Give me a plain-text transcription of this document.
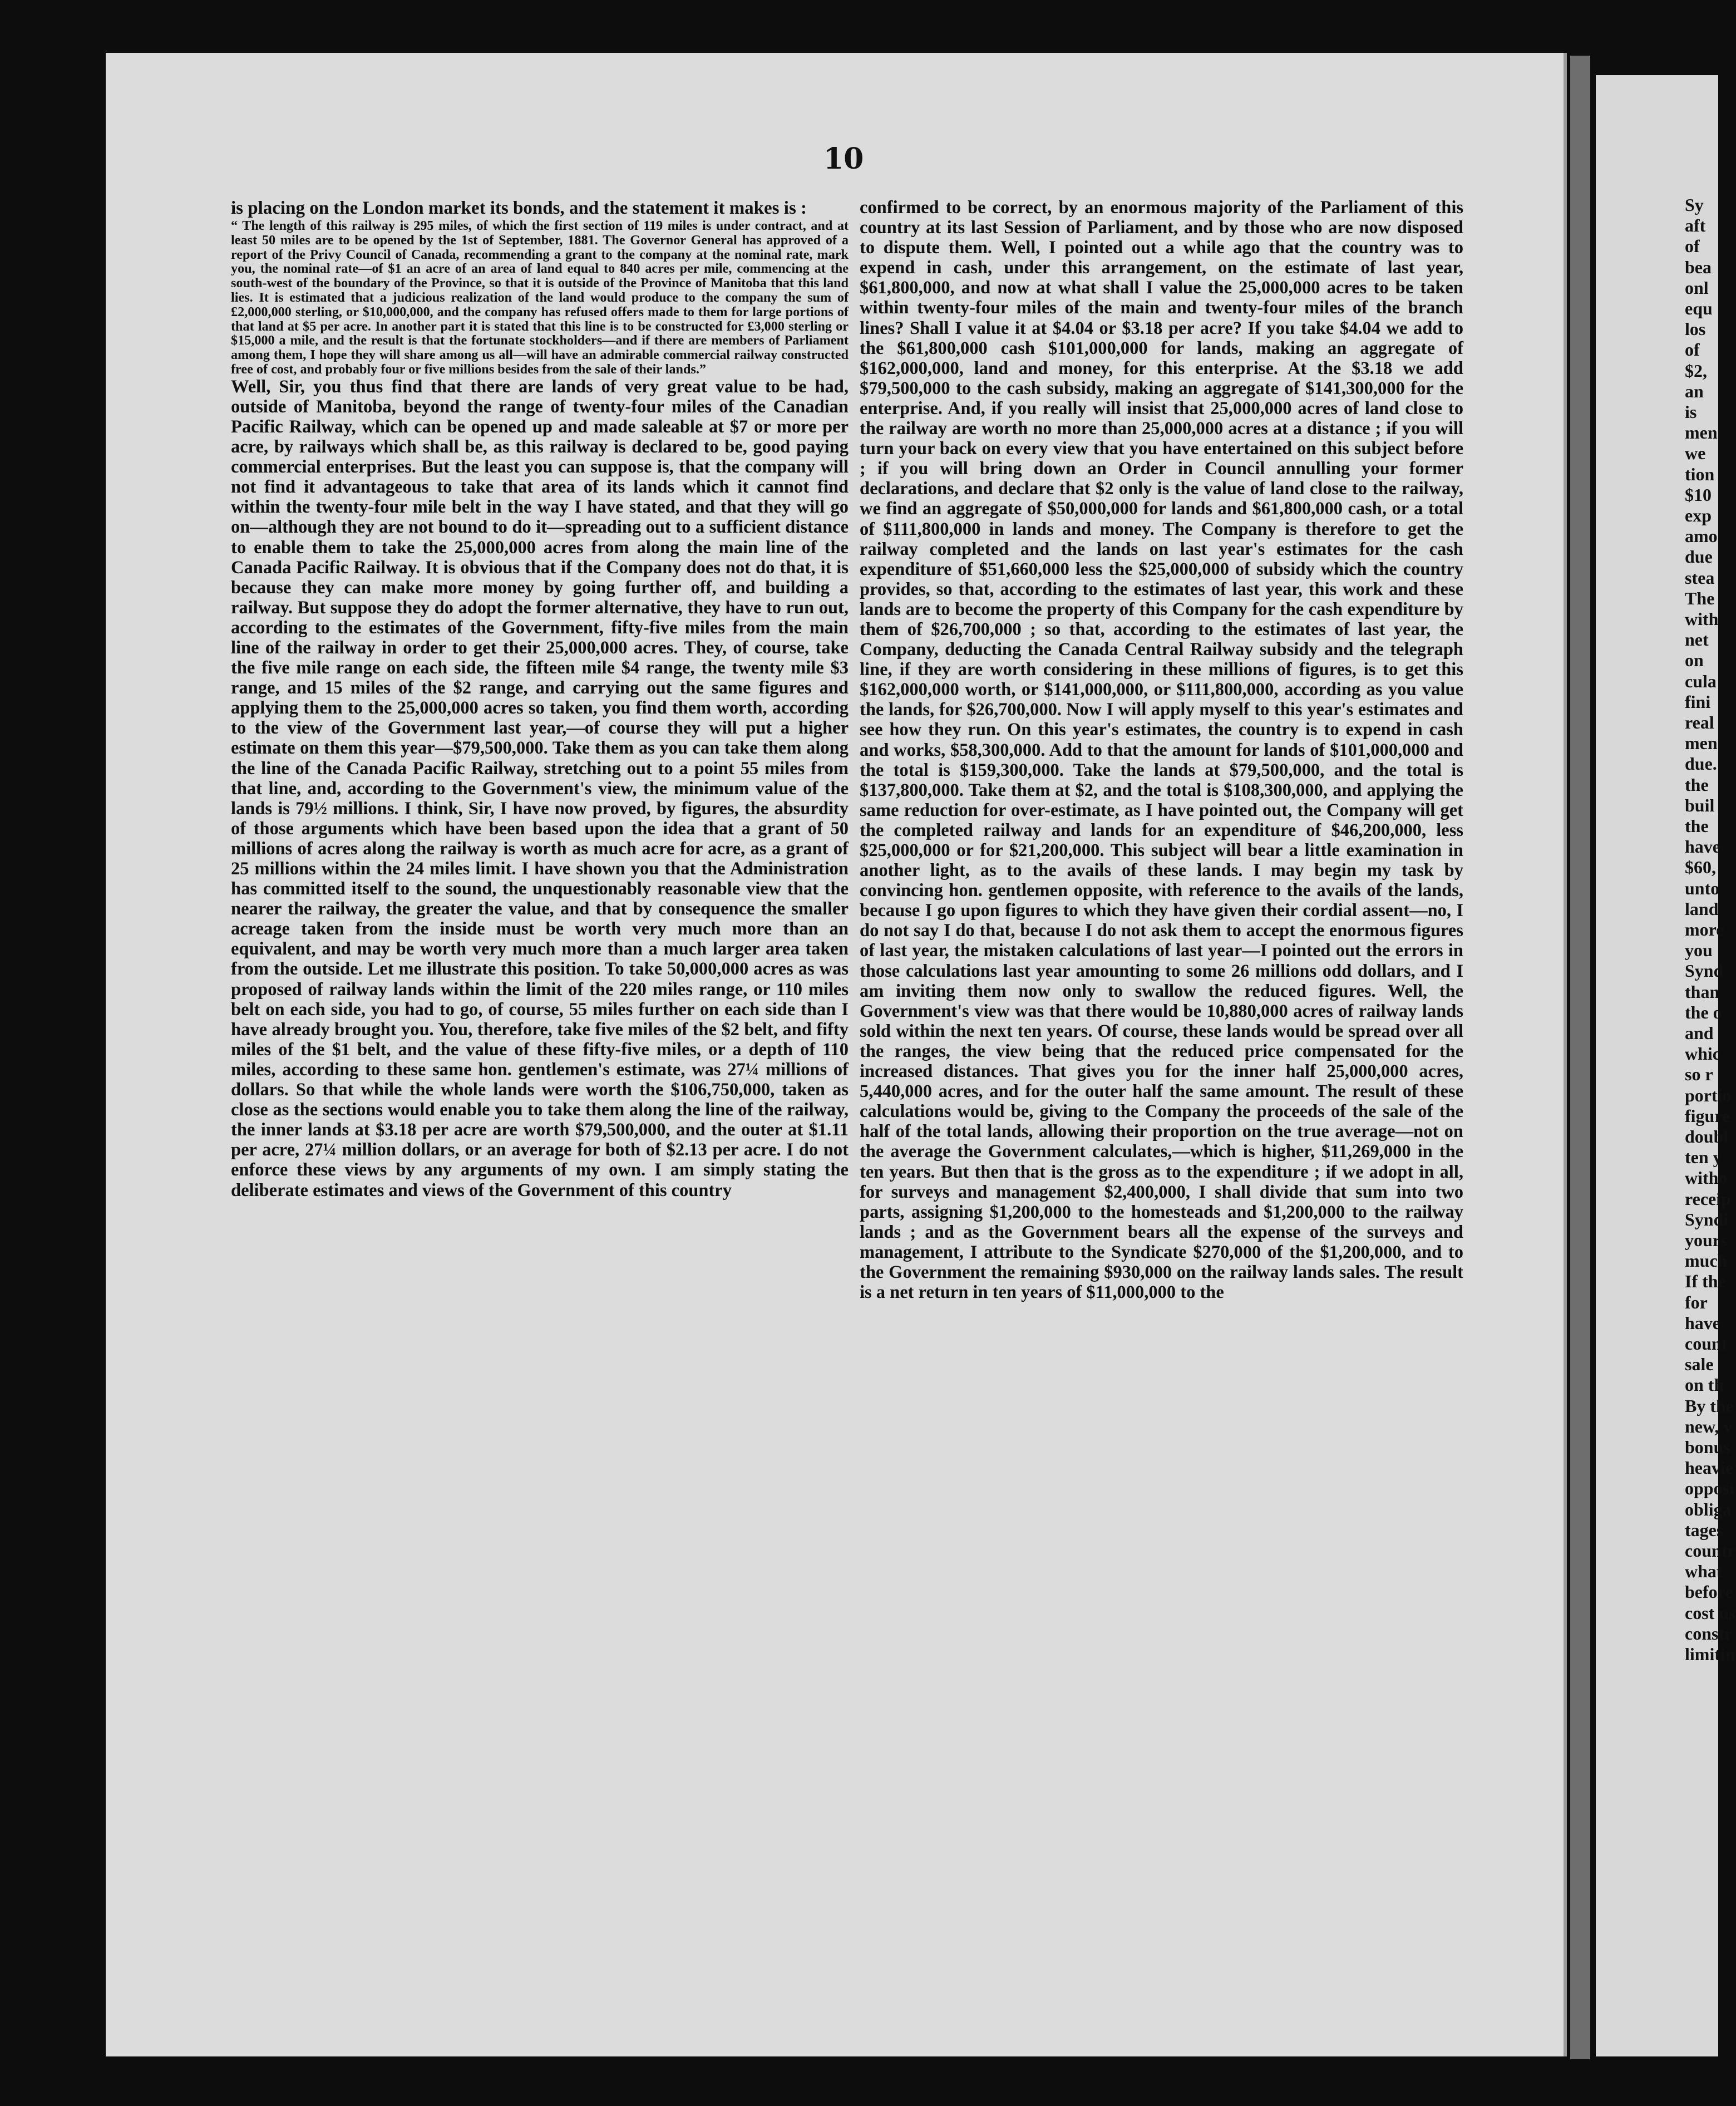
10

is placing on the London market its bonds, and the statement it makes is :

“ The length of this railway is 295 miles, of which the first section of 119 miles is under contract, and at least 50 miles are to be opened by the 1st of September, 1881. The Governor General has approved of a report of the Privy Council of Canada, recommending a grant to the company at the nominal rate, mark you, the nominal rate—of $1 an acre of an area of land equal to 840 acres per mile, commencing at the south-west of the boundary of the Province, so that it is outside of the Province of Manitoba that this land lies. It is estimated that a judicious realization of the land would produce to the company the sum of £2,000,000 sterling, or $10,000,000, and the company has refused offers made to them for large portions of that land at $5 per acre. In another part it is stated that this line is to be constructed for £3,000 sterling or $15,000 a mile, and the result is that the fortunate stockholders—and if there are members of Parliament among them, I hope they will share among us all—will have an admirable commercial railway constructed free of cost, and probably four or five millions besides from the sale of their lands.”

Well, Sir, you thus find that there are lands of very great value to be had, outside of Manitoba, beyond the range of twenty-four miles of the Canadian Pacific Railway, which can be opened up and made saleable at $7 or more per acre, by railways which shall be, as this railway is declared to be, good paying commercial enterprises. But the least you can suppose is, that the company will not find it advantageous to take that area of its lands which it cannot find within the twenty-four mile belt in the way I have stated, and that they will go on—although they are not bound to do it—spreading out to a sufficient distance to enable them to take the 25,000,000 acres from along the main line of the Canada Pacific Railway. It is obvious that if the Company does not do that, it is because they can make more money by going further off, and building a railway. But suppose they do adopt the former alternative, they have to run out, according to the estimates of the Government, fifty-five miles from the main line of the railway in order to get their 25,000,000 acres. They, of course, take the five mile range on each side, the fifteen mile $4 range, the twenty mile $3 range, and 15 miles of the $2 range, and carrying out the same figures and applying them to the 25,000,000 acres so taken, you find them worth, according to the view of the Government last year,—of course they will put a higher estimate on them this year—$79,500,000. Take them as you can take them along the line of the Canada Pacific Railway, stretching out to a point 55 miles from that line, and, according to the Government's view, the minimum value of the lands is 79½ millions. I think, Sir, I have now proved, by figures, the absurdity of those arguments which have been based upon the idea that a grant of 50 millions of acres along the railway is worth as much acre for acre, as a grant of 25 millions within the 24 miles limit. I have shown you that the Administration has committed itself to the sound, the unquestionably reasonable view that the nearer the railway, the greater the value, and that by consequence the smaller acreage taken from the inside must be worth very much more than an equivalent, and may be worth very much more than a much larger area taken from the outside. Let me illustrate this position. To take 50,000,000 acres as was proposed of railway lands within the limit of the 220 miles range, or 110 miles belt on each side, you had to go, of course, 55 miles further on each side than I have already brought you. You, therefore, take five miles of the $2 belt, and fifty miles of the $1 belt, and the value of these fifty-five miles, or a depth of 110 miles, according to these same hon. gentlemen's estimate, was 27¼ millions of dollars. So that while the whole lands were worth the $106,750,000, taken as close as the sections would enable you to take them along the line of the railway, the inner lands at $3.18 per acre are worth $79,500,000, and the outer at $1.11 per acre, 27¼ million dollars, or an average for both of $2.13 per acre. I do not enforce these views by any arguments of my own. I am simply stating the deliberate estimates and views of the Government of this country

confirmed to be correct, by an enormous majority of the Parliament of this country at its last Session of Parliament, and by those who are now disposed to dispute them. Well, I pointed out a while ago that the country was to expend in cash, under this arrangement, on the estimate of last year, $61,800,000, and now at what shall I value the 25,000,000 acres to be taken within twenty-four miles of the main and twenty-four miles of the branch lines? Shall I value it at $4.04 or $3.18 per acre? If you take $4.04 we add to the $61,800,000 cash $101,000,000 for lands, making an aggregate of $162,000,000, land and money, for this enterprise. At the $3.18 we add $79,500,000 to the cash subsidy, making an aggregate of $141,300,000 for the enterprise. And, if you really will insist that 25,000,000 acres of land close to the railway are worth no more than 25,000,000 acres at a distance ; if you will turn your back on every view that you have entertained on this subject before ; if you will bring down an Order in Council annulling your former declarations, and declare that $2 only is the value of land close to the railway, we find an aggregate of $50,000,000 for lands and $61,800,000 cash, or a total of $111,800,000 in lands and money. The Company is therefore to get the railway completed and the lands on last year's estimates for the cash expenditure of $51,660,000 less the $25,000,000 of subsidy which the country provides, so that, according to the estimates of last year, this work and these lands are to become the property of this Company for the cash expenditure by them of $26,700,000 ; so that, according to the estimates of last year, the Company, deducting the Canada Central Railway subsidy and the telegraph line, if they are worth considering in these millions of figures, is to get this $162,000,000 worth, or $141,000,000, or $111,800,000, according as you value the lands, for $26,700,000. Now I will apply myself to this year's estimates and see how they run. On this year's estimates, the country is to expend in cash and works, $58,300,000. Add to that the amount for lands of $101,000,000 and the total is $159,300,000. Take the lands at $79,500,000, and the total is $137,800,000. Take them at $2, and the total is $108,300,000, and applying the same reduction for over-estimate, as I have pointed out, the Company will get the completed railway and lands for an expenditure of $46,200,000, less $25,000,000 or for $21,200,000. This subject will bear a little examination in another light, as to the avails of these lands. I may begin my task by convincing hon. gentlemen opposite, with reference to the avails of the lands, because I go upon figures to which they have given their cordial assent—no, I do not say I do that, because I do not ask them to accept the enormous figures of last year, the mistaken calculations of last year—I pointed out the errors in those calculations last year amounting to some 26 millions odd dollars, and I am inviting them now only to swallow the reduced figures. Well, the Government's view was that there would be 10,880,000 acres of railway lands sold within the next ten years. Of course, these lands would be spread over all the ranges, the view being that the reduced price compensated for the increased distances. That gives you for the inner half 25,000,000 acres, 5,440,000 acres, and for the outer half the same amount. The result of these calculations would be, giving to the Company the proceeds of the sale of the half of the total lands, allowing their proportion on the true average—not on the average the Government calculates,—which is higher, $11,269,000 in the ten years. But then that is the gross as to the expenditure ; if we adopt in all, for surveys and management $2,400,000, I shall divide that sum into two parts, assigning $1,200,000 to the homesteads and $1,200,000 to the railway lands ; and as the Government bears all the expense of the surveys and management, I attribute to the Syndicate $270,000 of the $1,200,000, and to the Government the remaining $930,000 on the railway lands sales. The result is a net return in ten years of $11,000,000 to the

Sy
aft
of
bea
onl
equ
los
of
$2,
an
is
men
we
tion
$10
exp
amo
due
stea
The
with
net
on
cula
fini
real
men
due.
the
buil
the
have
$60,
unto
land
more
you
Synd
than
the o
and
whic
so r
portio
figure
doubl
ten y
witho
receip
Syndi
yours
much
If the
for
have
count
sale
on th
By the
new, v
bonus
heavie
opposi
obliga
tages
countr
what
before
cost us
constr
limitin
